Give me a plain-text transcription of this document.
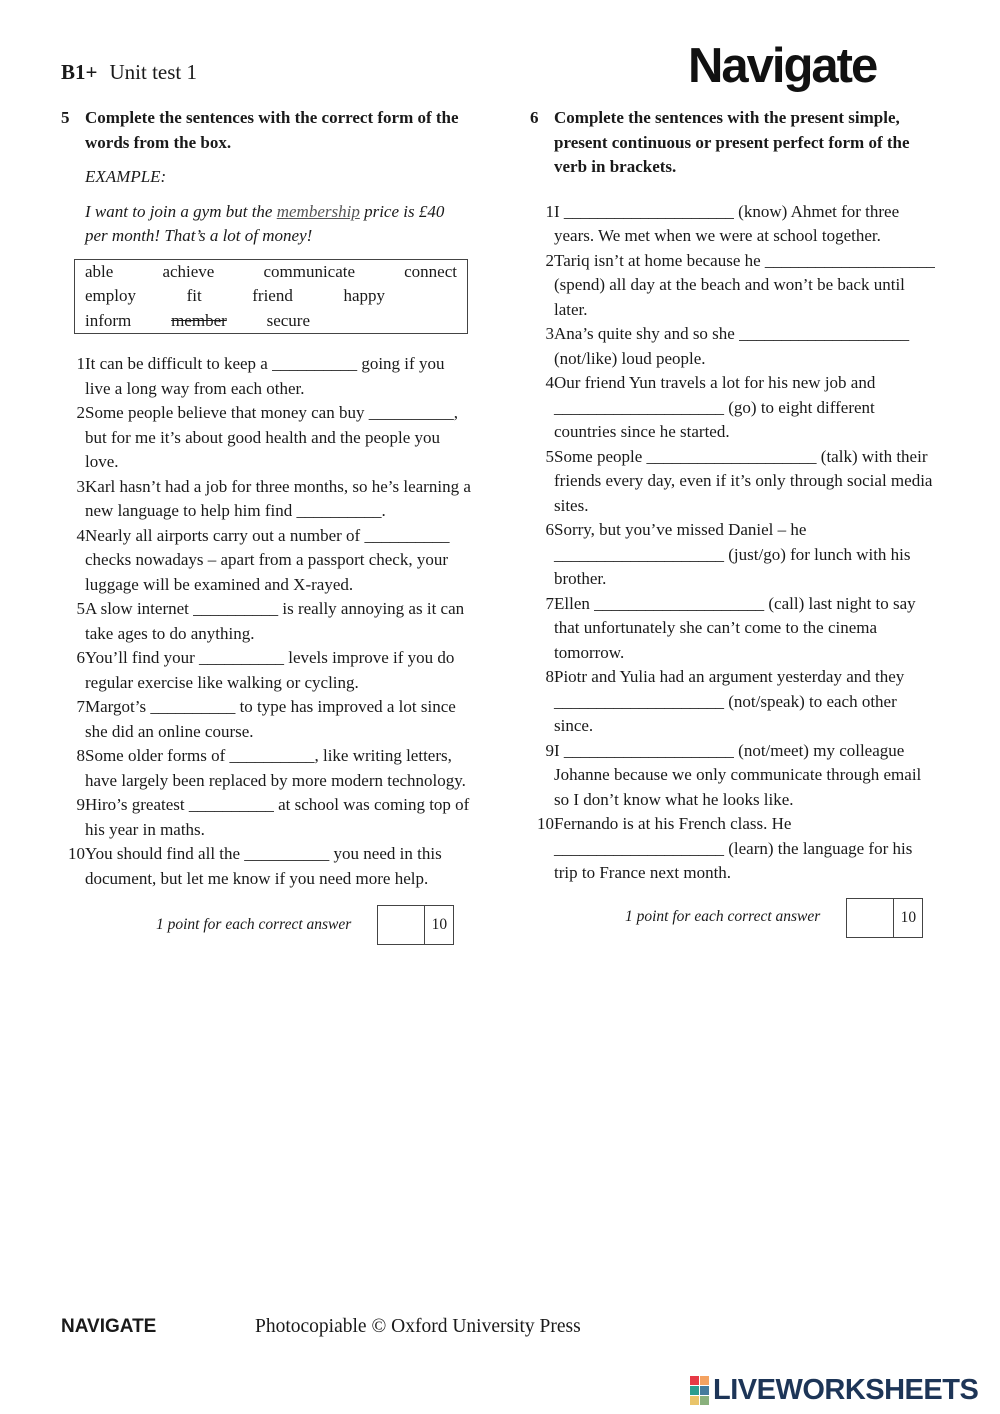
B1+ Unit test 1	Navigate
5 Complete the sentences with the correct form of the words from the box.
EXAMPLE:
I want to join a gym but the membership price is £40 per month! That’s a lot of money!
able	achieve	communicate	connect
employ	fit	friend	happy
inform member secure
1 It can be difficult to keep a __________ going if you live a long way from each other.
2 Some people believe that money can buy __________, but for me it’s about good health and the people you love.
3 Karl hasn’t had a job for three months, so he’s learning a new language to help him find __________.
4 Nearly all airports carry out a number of __________ checks nowadays – apart from a passport check, your luggage will be examined and X-rayed.
5 A slow internet __________ is really annoying as it can take ages to do anything.
6 You’ll find your __________ levels improve if you do regular exercise like walking or cycling.
7 Margot’s __________ to type has improved a lot since she did an online course.
8 Some older forms of __________, like writing letters, have largely been replaced by more modern technology.
9 Hiro’s greatest __________ at school was coming top of his year in maths.
10 You should find all the __________ you need in this document, but let me know if you need more help.
1 point for each correct answer	10
6 Complete the sentences with the present simple, present continuous or present perfect form of the verb in brackets.
1 I ____________________ (know) Ahmet for three years. We met when we were at school together.
2 Tariq isn’t at home because he ____________________ (spend) all day at the beach and won’t be back until later.
3 Ana’s quite shy and so she ____________________ (not/like) loud people.
4 Our friend Yun travels a lot for his new job and ____________________ (go) to eight different countries since he started.
5 Some people ____________________ (talk) with their friends every day, even if it’s only through social media sites.
6 Sorry, but you’ve missed Daniel – he ____________________ (just/go) for lunch with his brother.
7 Ellen ____________________ (call) last night to say that unfortunately she can’t come to the cinema tomorrow.
8 Piotr and Yulia had an argument yesterday and they ____________________ (not/speak) to each other since.
9 I ____________________ (not/meet) my colleague Johanne because we only communicate through email so I don’t know what he looks like.
10 Fernando is at his French class. He ____________________ (learn) the language for his trip to France next month.
1 point for each correct answer	10
NAVIGATE	Photocopiable © Oxford University Press
LIVEWORKSHEETS
